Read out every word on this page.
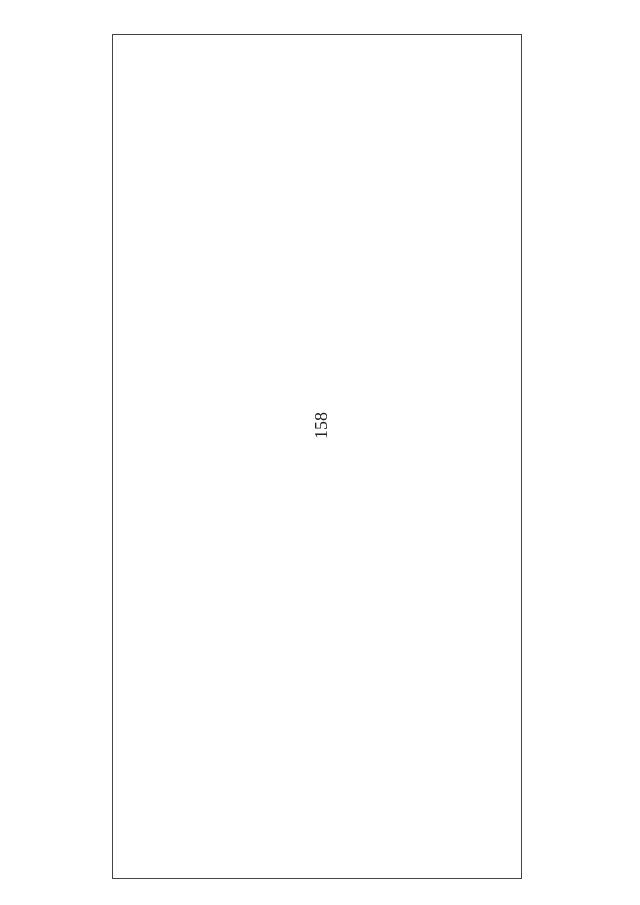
158
